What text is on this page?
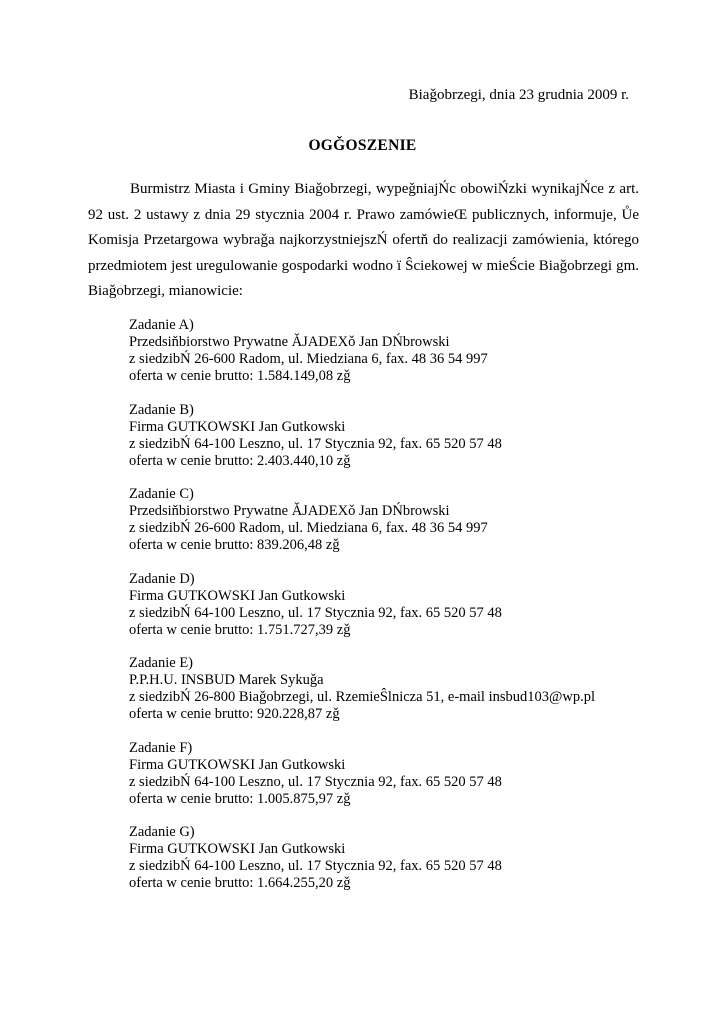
Biaǧobrzegi, dnia 23 grudnia 2009 r.
OGǦOSZENIE

Burmistrz Miasta i Gminy Biaǧobrzegi, wypeǧniajŃc obowiŃzki wynikajŃce z art. 92 ust. 2 ustawy z dnia 29 stycznia 2004 r. Prawo zamówieŒ publicznych, informuje, Ůe Komisja Przetargowa wybraǧa najkorzystniejszŃ ofertň do realizacji zamówienia, którego przedmiotem jest uregulowanie gospodarki wodno ï Ŝciekowej w mieŚcie Biaǧobrzegi gm. Biaǧobrzegi, mianowicie:

Zadanie A)
Przedsiňbiorstwo Prywatne ǍJADEXǒ Jan DŃbrowski
z siedzibŃ 26-600 Radom, ul. Miedziana 6, fax. 48 36 54 997
oferta w cenie brutto: 1.584.149,08 zǧ
Zadanie B)
Firma GUTKOWSKI Jan Gutkowski
z siedzibŃ 64-100 Leszno, ul. 17 Stycznia 92, fax. 65 520 57 48
oferta w cenie brutto: 2.403.440,10 zǧ
Zadanie C)
Przedsiňbiorstwo Prywatne ǍJADEXǒ Jan DŃbrowski
z siedzibŃ 26-600 Radom, ul. Miedziana 6, fax. 48 36 54 997
oferta w cenie brutto: 839.206,48 zǧ
Zadanie D)
Firma GUTKOWSKI Jan Gutkowski
z siedzibŃ 64-100 Leszno, ul. 17 Stycznia 92, fax. 65 520 57 48
oferta w cenie brutto: 1.751.727,39 zǧ
Zadanie E)
P.P.H.U. INSBUD Marek Sykuǧa
z siedzibŃ 26-800 Biaǧobrzegi, ul. RzemieŜlnicza 51, e-mail insbud103@wp.pl
oferta w cenie brutto: 920.228,87 zǧ
Zadanie F)
Firma GUTKOWSKI Jan Gutkowski
z siedzibŃ 64-100 Leszno, ul. 17 Stycznia 92, fax. 65 520 57 48
oferta w cenie brutto: 1.005.875,97 zǧ
Zadanie G)
Firma GUTKOWSKI Jan Gutkowski
z siedzibŃ 64-100 Leszno, ul. 17 Stycznia 92, fax. 65 520 57 48
oferta w cenie brutto: 1.664.255,20 zǧ
